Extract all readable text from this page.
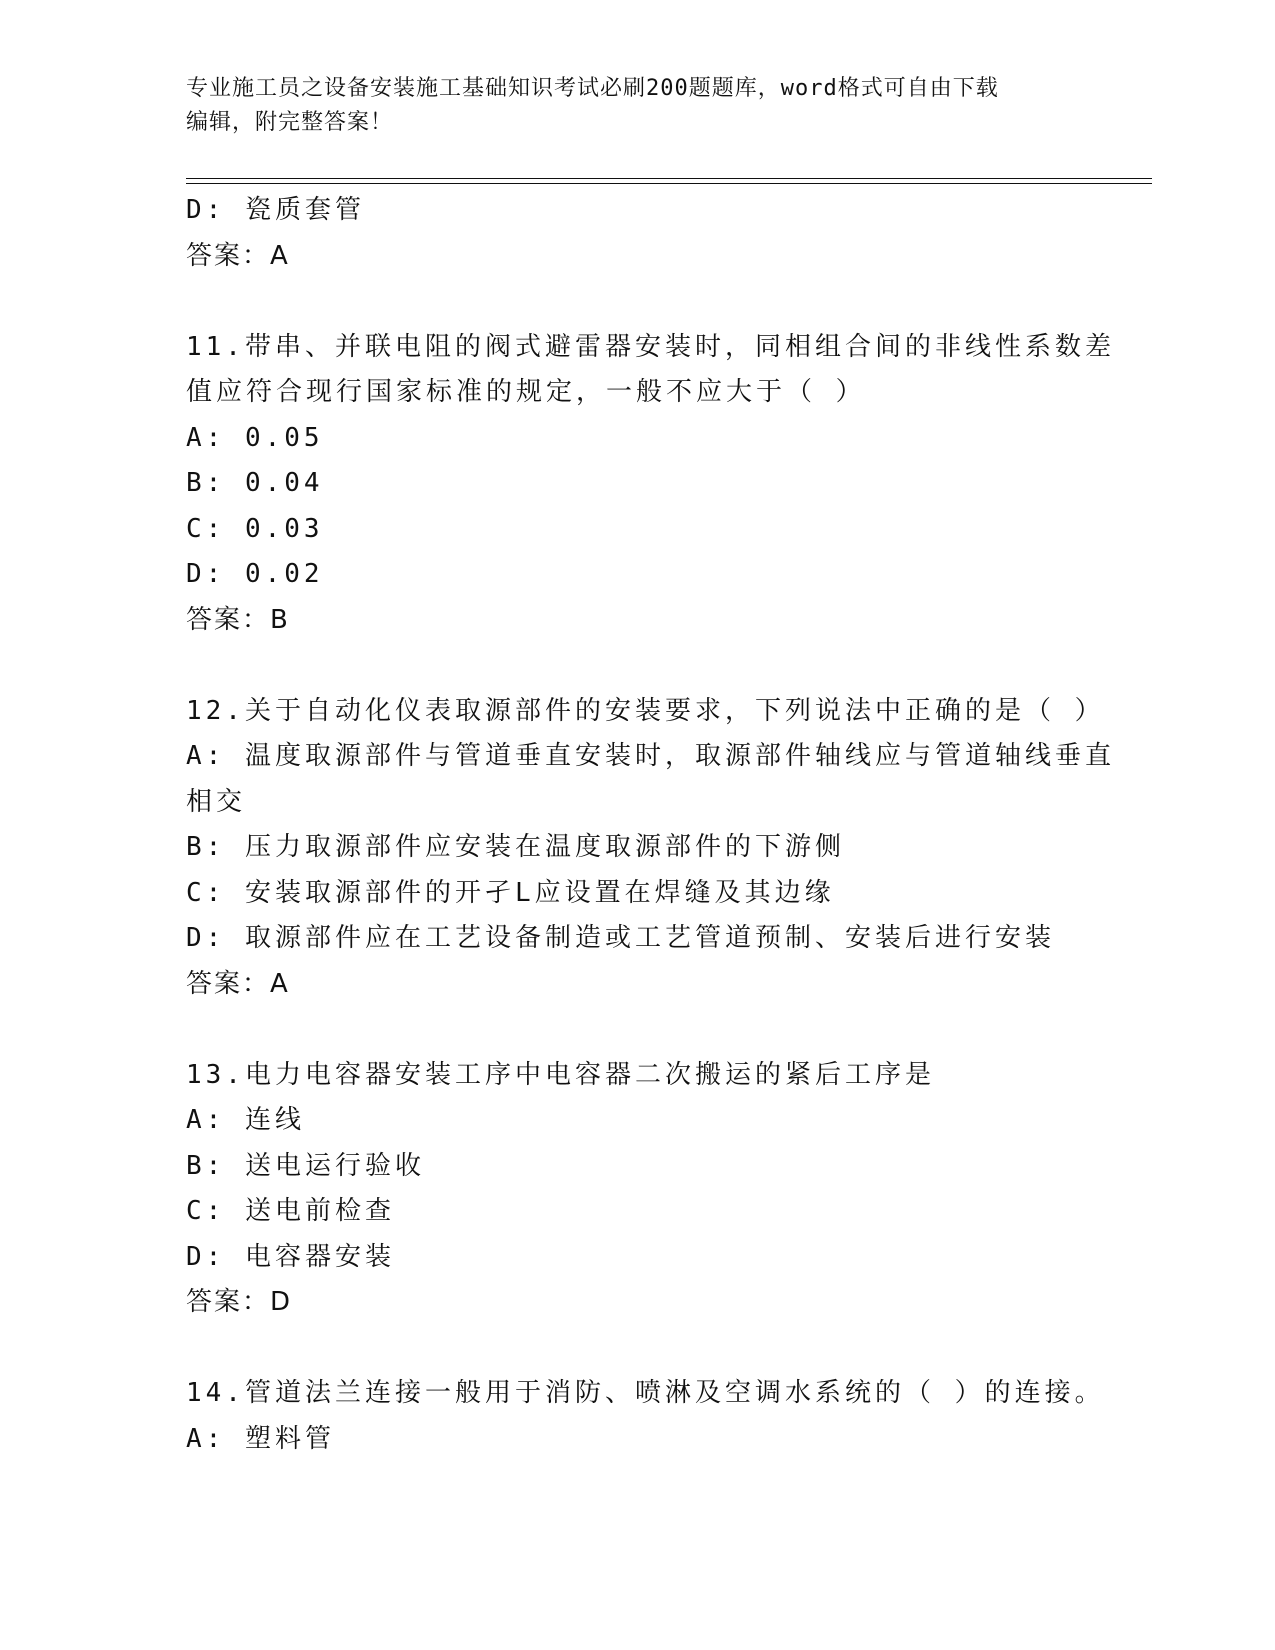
专业施工员之设备安装施工基础知识考试必刷200题题库，word格式可自由下载
编辑，附完整答案！
D: 瓷质套管
答案：A
11.带串、并联电阻的阀式避雷器安装时，同相组合间的非线性系数差
值应符合现行国家标准的规定，一般不应大于（ ）
A: 0.05
B: 0.04
C: 0.03
D: 0.02
答案：B
12.关于自动化仪表取源部件的安装要求，下列说法中正确的是（ ）
A: 温度取源部件与管道垂直安装时，取源部件轴线应与管道轴线垂直
相交
B: 压力取源部件应安装在温度取源部件的下游侧
C: 安装取源部件的开孑L应设置在焊缝及其边缘
D: 取源部件应在工艺设备制造或工艺管道预制、安装后进行安装
答案：A
13.电力电容器安装工序中电容器二次搬运的紧后工序是
A: 连线
B: 送电运行验收
C: 送电前检查
D: 电容器安装
答案：D
14.管道法兰连接一般用于消防、喷淋及空调水系统的（ ）的连接。
A: 塑料管
